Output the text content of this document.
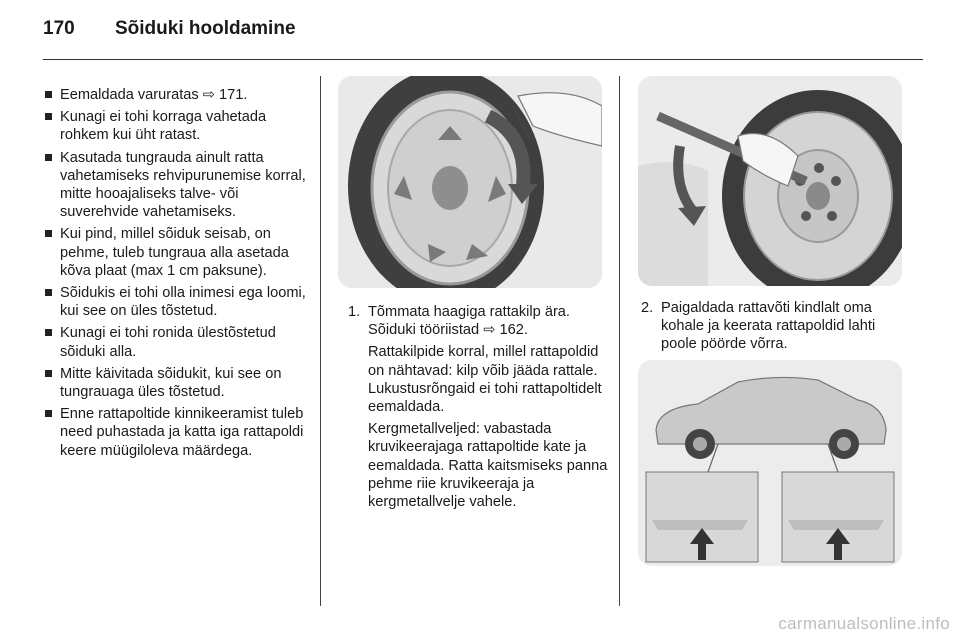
170 Sõiduki hooldamine
Eemaldada varuratas ⇨ 171.
Kunagi ei tohi korraga vahetada rohkem kui üht ratast.
Kasutada tungrauda ainult ratta vahetamiseks rehvipurunemise korral, mitte hooajaliseks talve- või suverehvide vahetamiseks.
Kui pind, millel sõiduk seisab, on pehme, tuleb tungraua alla asetada kõva plaat (max 1 cm paksune).
Sõidukis ei tohi olla inimesi ega loomi, kui see on üles tõstetud.
Kunagi ei tohi ronida ülestõstetud sõiduki alla.
Mitte käivitada sõidukit, kui see on tungrauaga üles tõstetud.
Enne rattapoltide kinnikeeramist tuleb need puhastada ja katta iga rattapoldi keere müügiloleva määrdega.
1. Tõmmata haagiga rattakilp ära. Sõiduki tööriistad ⇨ 162.

Rattakilpide korral, millel rattapoldid on nähtavad: kilp võib jääda rattale. Lukustusrõngaid ei tohi rattapoltidelt eemaldada.

Kergmetallveljed: vabastada kruvikeerajaga rattapoltide kate ja eemaldada. Ratta kaitsmiseks panna pehme riie kruvikeeraja ja kergmetallvelje vahele.

2. Paigaldada rattavõti kindlalt oma kohale ja keerata rattapoldid lahti poole pöörde võrra.

carmanualsonline.info
